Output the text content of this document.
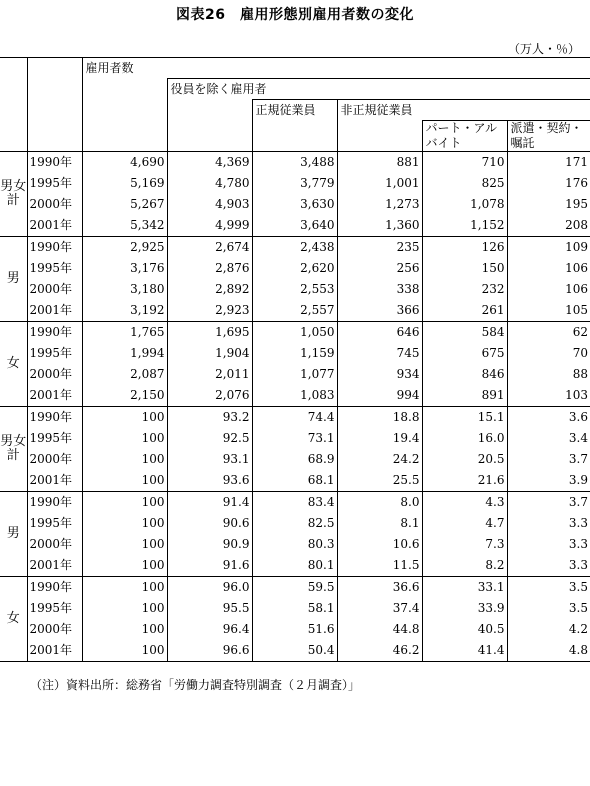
図表26　雇用形態別雇用者数の変化
（万人・％）
		雇用者数					
			役員を除く雇用者				
				正規従業員	非正規従業員		
						パート・アルバイト	派遣・契約・嘱託

男女計	1990年	4,690	4,369	3,488	881	710	171
	1995年	5,169	4,780	3,779	1,001	825	176
	2000年	5,267	4,903	3,630	1,273	1,078	195
	2001年	5,342	4,999	3,640	1,360	1,152	208
男	1990年	2,925	2,674	2,438	235	126	109
	1995年	3,176	2,876	2,620	256	150	106
	2000年	3,180	2,892	2,553	338	232	106
	2001年	3,192	2,923	2,557	366	261	105
女	1990年	1,765	1,695	1,050	646	584	62
	1995年	1,994	1,904	1,159	745	675	70
	2000年	2,087	2,011	1,077	934	846	88
	2001年	2,150	2,076	1,083	994	891	103
男女計	1990年	100	93.2	74.4	18.8	15.1	3.6
	1995年	100	92.5	73.1	19.4	16.0	3.4
	2000年	100	93.1	68.9	24.2	20.5	3.7
	2001年	100	93.6	68.1	25.5	21.6	3.9
男	1990年	100	91.4	83.4	8.0	4.3	3.7
	1995年	100	90.6	82.5	8.1	4.7	3.3
	2000年	100	90.9	80.3	10.6	7.3	3.3
	2001年	100	91.6	80.1	11.5	8.2	3.3
女	1990年	100	96.0	59.5	36.6	33.1	3.5
	1995年	100	95.5	58.1	37.4	33.9	3.5
	2000年	100	96.4	51.6	44.8	40.5	4.2
	2001年	100	96.6	50.4	46.2	41.4	4.8
（注）資料出所：総務省「労働力調査特別調査（２月調査）」
